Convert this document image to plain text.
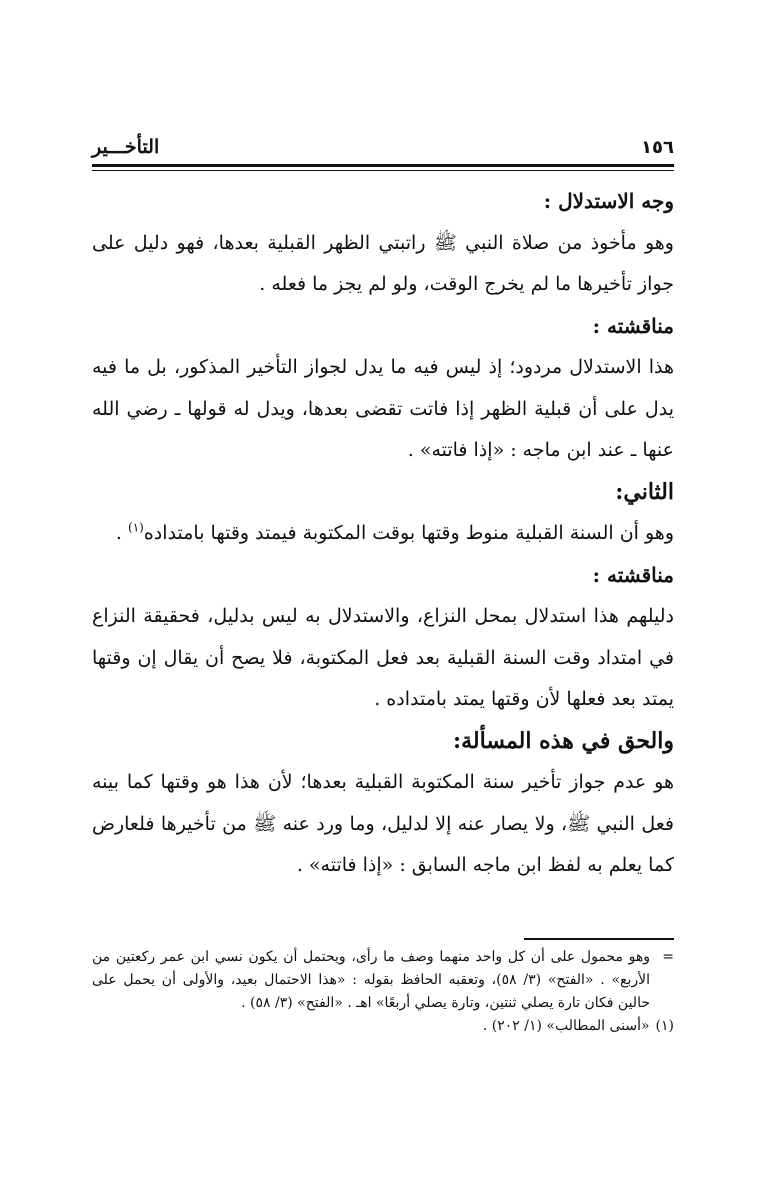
١٥٦
التأخـــير

وجه الاستدلال :

وهو مأخوذ من صلاة النبي ﷺ راتبتي الظهر القبلية بعدها، فهو دليل على جواز تأخيرها ما لم يخرج الوقت، ولو لم يجز ما فعله .

مناقشته :

هذا الاستدلال مردود؛ إذ ليس فيه ما يدل لجواز التأخير المذكور، بل ما فيه يدل على أن قبلية الظهر إذا فاتت تقضى بعدها، ويدل له قولها ـ رضي الله عنها ـ عند ابن ماجه : «إذا فاتته» .

الثاني:

وهو أن السنة القبلية منوط وقتها بوقت المكتوبة فيمتد وقتها بامتداده$^{(١)}$ .

مناقشته :

دليلهم هذا استدلال بمحل النزاع، والاستدلال به ليس بدليل، فحقيقة النزاع في امتداد وقت السنة القبلية بعد فعل المكتوبة، فلا يصح أن يقال إن وقتها يمتد بعد فعلها لأن وقتها يمتد بامتداده .

والحق في هذه المسألة:

هو عدم جواز تأخير سنة المكتوبة القبلية بعدها؛ لأن هذا هو وقتها كما بينه فعل النبي ﷺ، ولا يصار عنه إلا لدليل، وما ورد عنه ﷺ من تأخيرها فلعارض كما يعلم به لفظ ابن ماجه السابق : «إذا فاتته» .

=
وهو محمول على أن كل واحد منهما وصف ما رأى، ويحتمل أن يكون نسي ابن عمر ركعتين من الأربع» . «الفتح» (٣/ ٥٨)، وتعقبه الحافظ بقوله : «هذا الاحتمال بعيد، والأولى أن يحمل على حالين فكان تارة يصلي ثنتين، وتارة يصلي أربعًا» اهـ . «الفتح» (٣/ ٥٨) .
(١)
«أسنى المطالب» (١/ ٢٠٢) .
